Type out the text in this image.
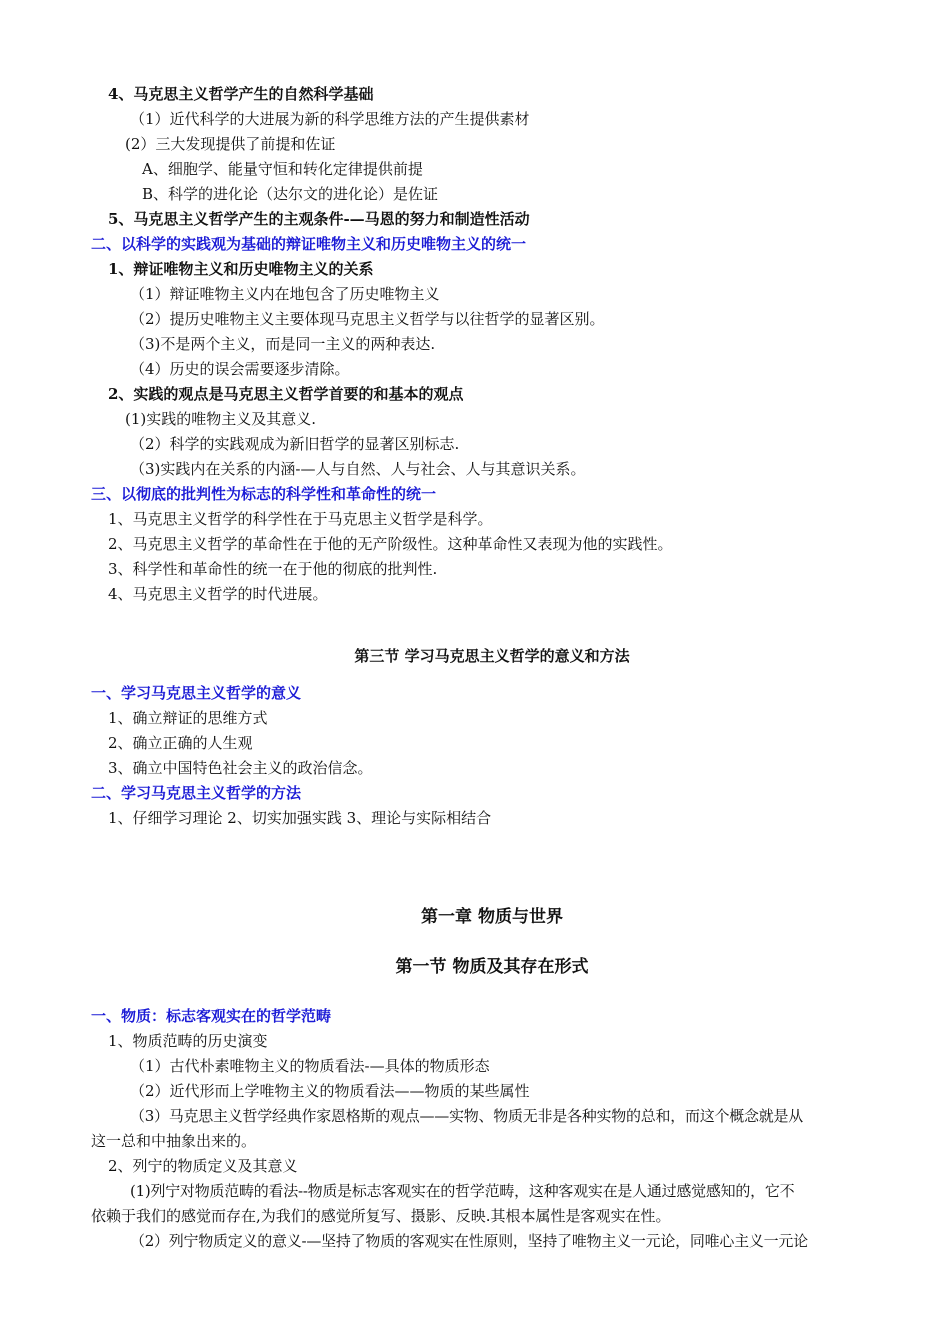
4、马克思主义哲学产生的自然科学基础
（1）近代科学的大进展为新的科学思维方法的产生提供素材
(2）三大发现提供了前提和佐证
A、细胞学、能量守恒和转化定律提供前提
B、科学的进化论（达尔文的进化论）是佐证
5、马克思主义哲学产生的主观条件-—马恩的努力和制造性活动
二、以科学的实践观为基础的辩证唯物主义和历史唯物主义的统一
1、辩证唯物主义和历史唯物主义的关系
（1）辩证唯物主义内在地包含了历史唯物主义
（2）提历史唯物主义主要体现马克思主义哲学与以往哲学的显著区别。
（3)不是两个主义，而是同一主义的两种表达.
（4）历史的误会需要逐步清除。
2、实践的观点是马克思主义哲学首要的和基本的观点
(1)实践的唯物主义及其意义.
（2）科学的实践观成为新旧哲学的显著区别标志.
（3)实践内在关系的内涵-—人与自然、人与社会、人与其意识关系。
三、以彻底的批判性为标志的科学性和革命性的统一
1、马克思主义哲学的科学性在于马克思主义哲学是科学。
2、马克思主义哲学的革命性在于他的无产阶级性。这种革命性又表现为他的实践性。
3、科学性和革命性的统一在于他的彻底的批判性.
4、马克思主义哲学的时代进展。
第三节 学习马克思主义哲学的意义和方法
一、学习马克思主义哲学的意义
1、确立辩证的思维方式
2、确立正确的人生观
3、确立中国特色社会主义的政治信念。
二、学习马克思主义哲学的方法
1、仔细学习理论 2、切实加强实践 3、理论与实际相结合
第一章 物质与世界
第一节 物质及其存在形式
一、物质：标志客观实在的哲学范畴
1、物质范畴的历史演变
（1）古代朴素唯物主义的物质看法-—具体的物质形态
（2）近代形而上学唯物主义的物质看法——物质的某些属性
（3）马克思主义哲学经典作家恩格斯的观点——实物、物质无非是各种实物的总和，而这个概念就是从
这一总和中抽象出来的。
2、列宁的物质定义及其意义
(1)列宁对物质范畴的看法--物质是标志客观实在的哲学范畴，这种客观实在是人通过感觉感知的，它不
依赖于我们的感觉而存在,为我们的感觉所复写、摄影、反映.其根本属性是客观实在性。
（2）列宁物质定义的意义-—坚持了物质的客观实在性原则，坚持了唯物主义一元论，同唯心主义一元论
